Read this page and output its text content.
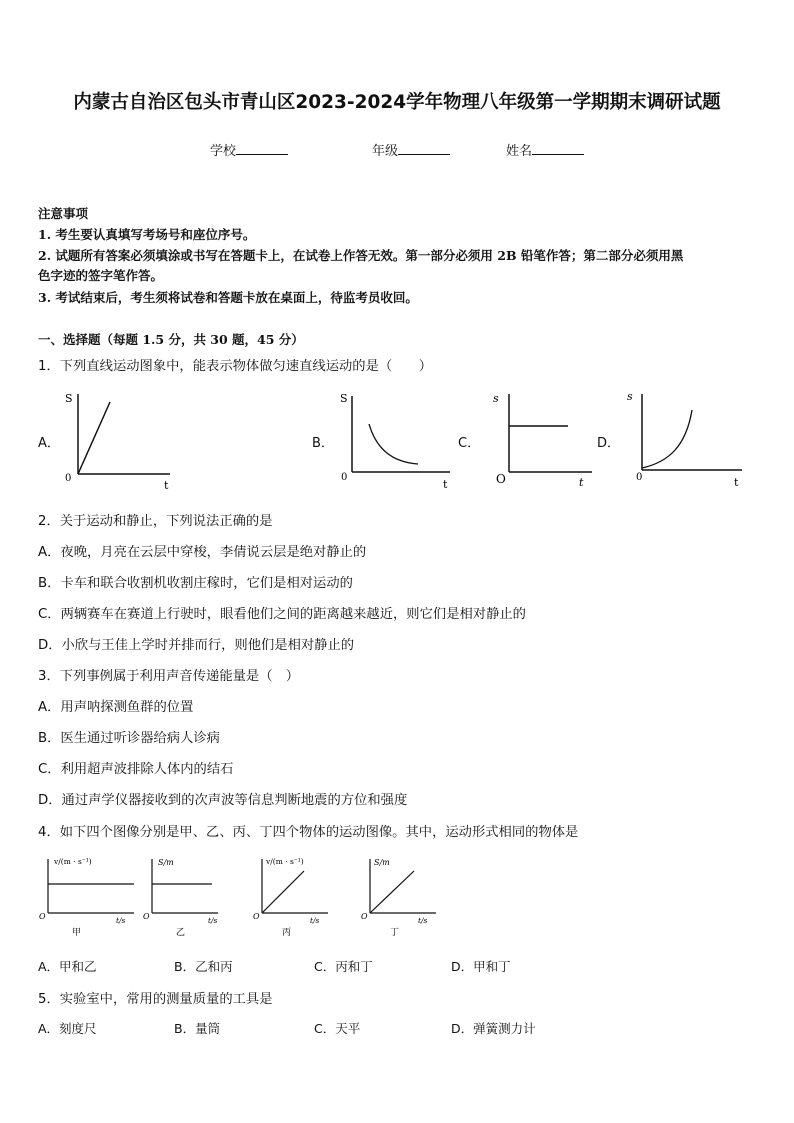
内蒙古自治区包头市青山区2023-2024学年物理八年级第一学期期末调研试题
学校	年级	姓名
注意事项
1. 考生要认真填写考场号和座位序号。
2. 试题所有答案必须填涂或书写在答题卡上，在试卷上作答无效。第一部分必须用 2B 铅笔作答；第二部分必须用黑
色字迹的签字笔作答。
3. 考试结束后，考生须将试卷和答题卡放在桌面上，待监考员收回。
一、选择题（每题 1.5 分，共 30 题，45 分）
1．下列直线运动图象中，能表示物体做匀速直线运动的是（　　）
A．	B．	C．	D．
S
t
0
S
t
0
s
t
O
s
t
0
2．关于运动和静止，下列说法正确的是
A．夜晚，月亮在云层中穿梭，李倩说云层是绝对静止的
B．卡车和联合收割机收割庄稼时，它们是相对运动的
C．两辆赛车在赛道上行驶时，眼看他们之间的距离越来越近，则它们是相对静止的
D．小欣与王佳上学时并排而行，则他们是相对静止的
3．下列事例属于利用声音传递能量是（　）
A．用声呐探测鱼群的位置
B．医生通过听诊器给病人诊病
C．利用超声波排除人体内的结石
D．通过声学仪器接收到的次声波等信息判断地震的方位和强度
4．如下四个图像分别是甲、乙、丙、丁四个物体的运动图像。其中，运动形式相同的物体是
v/(m · s⁻¹)
t/s
O
甲
S/m
t/s
O
乙
v/(m · s⁻¹)
t/s
O
丙
S/m
t/s
O
丁
A．甲和乙	B．乙和丙	C．丙和丁	D．甲和丁
5．实验室中，常用的测量质量的工具是
A．刻度尺	B．量筒	C．天平	D．弹簧测力计
